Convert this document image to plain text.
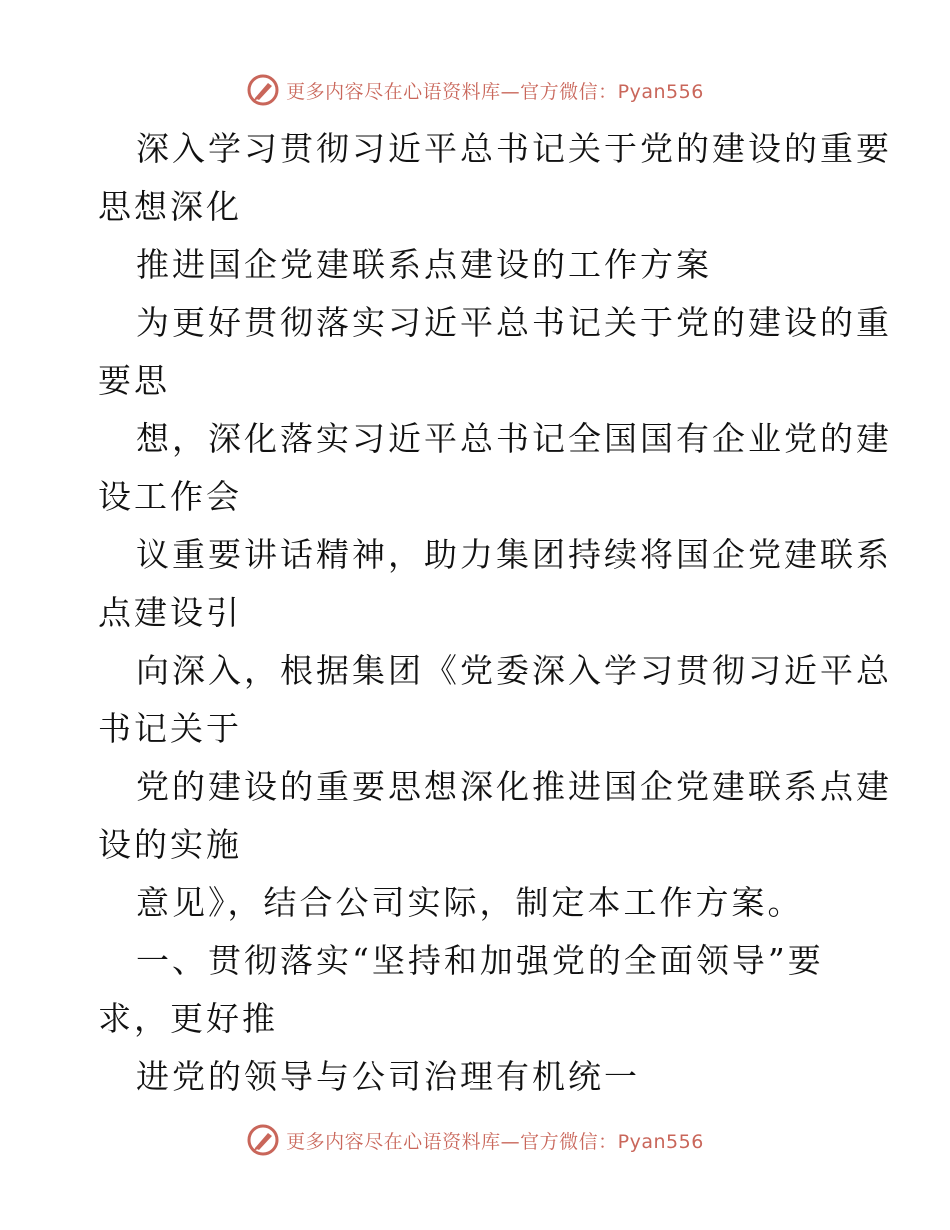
更多内容尽在心语资料库—官方微信：Pyan556

深入学习贯彻习近平总书记关于党的建设的重要

思想深化

推进国企党建联系点建设的工作方案

为更好贯彻落实习近平总书记关于党的建设的重

要思

想，深化落实习近平总书记全国国有企业党的建

设工作会

议重要讲话精神，助力集团持续将国企党建联系

点建设引

向深入，根据集团《党委深入学习贯彻习近平总

书记关于

党的建设的重要思想深化推进国企党建联系点建

设的实施

意见》，结合公司实际，制定本工作方案。

一、贯彻落实“坚持和加强党的全面领导”要

求，更好推

进党的领导与公司治理有机统一

更多内容尽在心语资料库—官方微信：Pyan556
